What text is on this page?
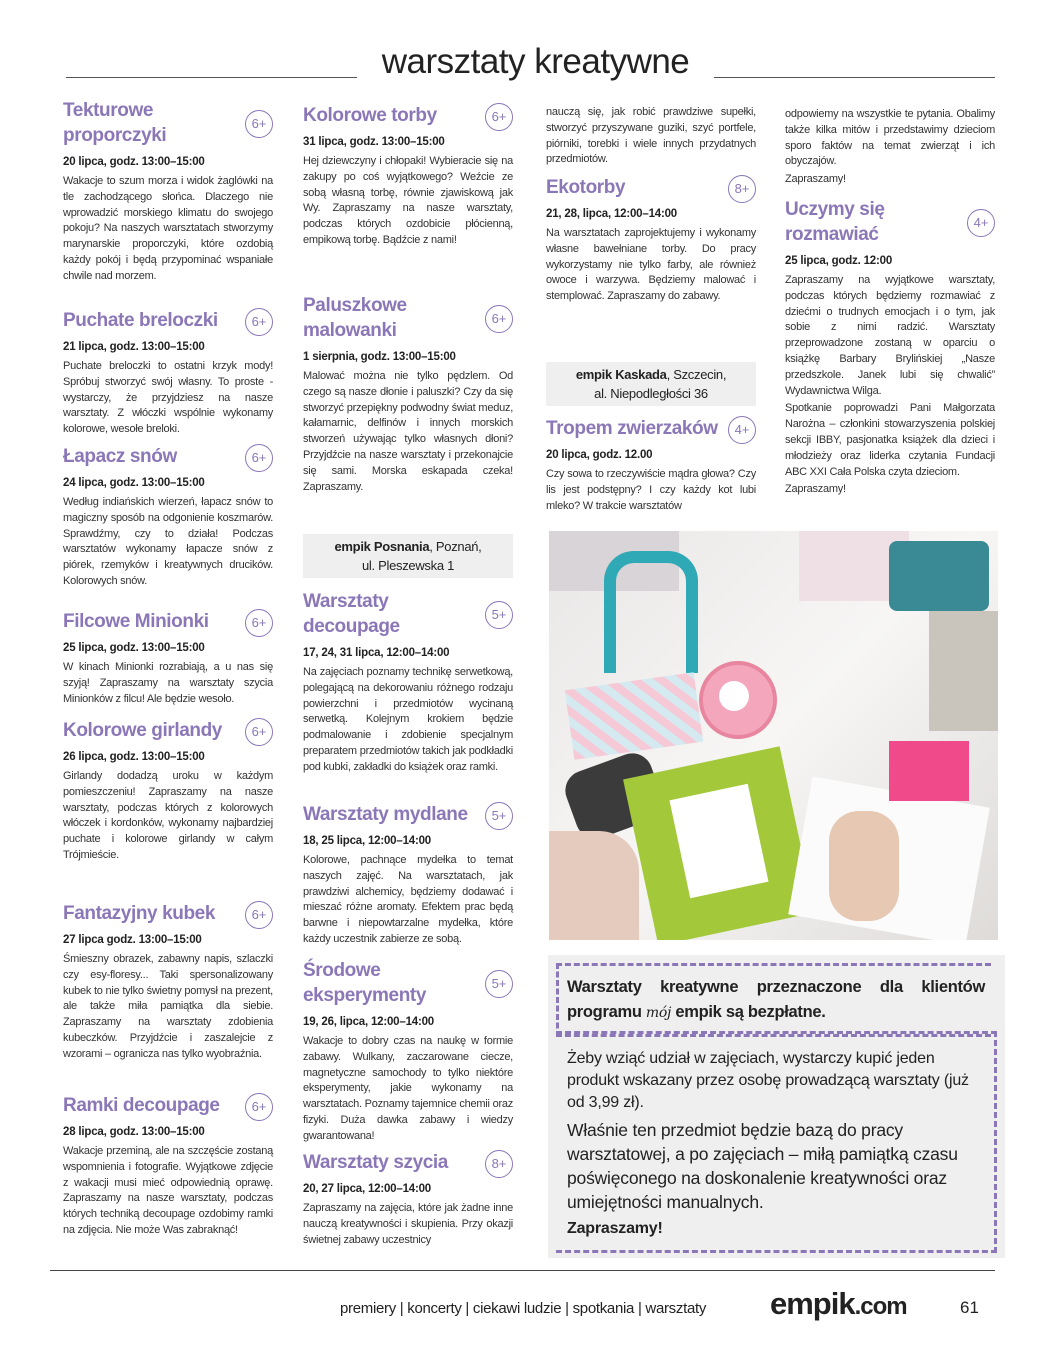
warsztaty kreatywne
6+
Tekturowe proporczyki
20 lipca, godz. 13:00–15:00

Wakacje to szum morza i widok żaglówki na tle zachodzącego słońca. Dlaczego nie wprowadzić morskiego klimatu do swojego pokoju? Na naszych warsztatach stworzymy marynarskie proporczyki, które ozdobią każdy pokój i będą przypominać wspaniałe chwile nad morzem.

6+
Puchate breloczki
21 lipca, godz. 13:00–15:00

Puchate breloczki to ostatni krzyk mody! Spróbuj stworzyć swój własny. To proste - wystarczy, że przyjdziesz na nasze warsztaty. Z włóczki wspólnie wykonamy kolorowe, wesołe breloki.

6+
Łapacz snów
24 lipca, godz. 13:00–15:00

Według indiańskich wierzeń, łapacz snów to magiczny sposób na odgonienie koszmarów. Sprawdźmy, czy to działa! Podczas warsztatów wykonamy łapacze snów z piórek, rzemyków i kreatywnych drucików. Kolorowych snów.

6+
Filcowe Minionki
25 lipca, godz. 13:00–15:00

W kinach Minionki rozrabiają, a u nas się szyją! Zapraszamy na warsztaty szycia Minionków z filcu! Ale będzie wesoło.

6+
Kolorowe girlandy
26 lipca, godz. 13:00–15:00

Girlandy dodadzą uroku w każdym pomieszczeniu! Zapraszamy na nasze warsztaty, podczas których z kolorowych włóczek i kordonków, wykonamy najbardziej puchate i kolorowe girlandy w całym Trójmieście.

6+
Fantazyjny kubek
27 lipca godz. 13:00–15:00

Śmieszny obrazek, zabawny napis, szlaczki czy esy-floresy... Taki spersonalizowany kubek to nie tylko świetny pomysł na prezent, ale także miła pamiątka dla siebie. Zapraszamy na warsztaty zdobienia kubeczków. Przyjdźcie i zaszalejcie z wzorami – ogranicza nas tylko wyobraźnia.

6+
Ramki decoupage
28 lipca, godz. 13:00–15:00

Wakacje przeminą, ale na szczęście zostaną wspomnienia i fotografie. Wyjątkowe zdjęcie z wakacji musi mieć odpowiednią oprawę. Zapraszamy na nasze warsztaty, podczas których techniką decoupage ozdobimy ramki na zdjęcia. Nie może Was zabraknąć!

6+
Kolorowe torby
31 lipca, godz. 13:00–15:00

Hej dziewczyny i chłopaki! Wybieracie się na zakupy po coś wyjątkowego? Weźcie ze sobą własną torbę, równie zjawiskową jak Wy. Zapraszamy na nasze warsztaty, podczas których ozdobicie płócienną, empikową torbę. Bądźcie z nami!

6+
Paluszkowe malowanki
1 sierpnia, godz. 13:00–15:00

Malować można nie tylko pędzlem. Od czego są nasze dłonie i paluszki? Czy da się stworzyć przepiękny podwodny świat meduz, kałamarnic, delfinów i innych morskich stworzeń używając tylko własnych dłoni? Przyjdźcie na nasze warsztaty i przekonajcie się sami. Morska eskapada czeka! Zapraszamy.

empik Posnania, Poznań,
ul. Pleszewska 1
5+
Warsztaty decoupage
17, 24, 31 lipca, 12:00–14:00

Na zajęciach poznamy technikę serwetkową, polegającą na dekorowaniu różnego rodzaju powierzchni i przedmiotów wycinaną serwetką. Kolejnym krokiem będzie podmalowanie i zdobienie specjalnym preparatem przedmiotów takich jak podkładki pod kubki, zakładki do książek oraz ramki.

5+
Warsztaty mydlane
18, 25 lipca, 12:00–14:00

Kolorowe, pachnące mydełka to temat naszych zajęć. Na warsztatach, jak prawdziwi alchemicy, będziemy dodawać i mieszać różne aromaty. Efektem prac będą barwne i niepowtarzalne mydełka, które każdy uczestnik zabierze ze sobą.

5+
Środowe eksperymenty
19, 26, lipca, 12:00–14:00

Wakacje to dobry czas na naukę w formie zabawy. Wulkany, zaczarowane ciecze, magnetyczne samochody to tylko niektóre eksperymenty, jakie wykonamy na warsztatach. Poznamy tajemnice chemii oraz fizyki. Duża dawka zabawy i wiedzy gwarantowana!

8+
Warsztaty szycia
20, 27 lipca, 12:00–14:00

Zapraszamy na zajęcia, które jak żadne inne nauczą kreatywności i skupienia. Przy okazji świetnej zabawy uczestnicy

nauczą się, jak robić prawdziwe supełki, stworzyć przyszywane guziki, szyć portfele, piórniki, torebki i wiele innych przydatnych przedmiotów.

8+
Ekotorby
21, 28, lipca, 12:00–14:00

Na warsztatach zaprojektujemy i wykonamy własne bawełniane torby. Do pracy wykorzystamy nie tylko farby, ale również owoce i warzywa. Będziemy malować i stemplować. Zapraszamy do zabawy.

empik Kaskada, Szczecin,
al. Niepodległości 36
4+
Tropem zwierzaków
20 lipca, godz. 12.00

Czy sowa to rzeczywiście mądra głowa? Czy lis jest podstępny? I czy każdy kot lubi mleko? W trakcie warsztatów

odpowiemy na wszystkie te pytania. Obalimy także kilka mitów i przedstawimy dzieciom sporo faktów na temat zwierząt i ich obyczajów.

Zapraszamy!

4+
Uczymy się rozmawiać
25 lipca, godz. 12:00

Zapraszamy na wyjątkowe warsztaty, podczas których będziemy rozmawiać z dziećmi o trudnych emocjach i o tym, jak sobie z nimi radzić. Warsztaty przeprowadzone zostaną w oparciu o książkę Barbary Brylińskiej „Nasze przedszkole. Janek lubi się chwalić” Wydawnictwa Wilga.

Spotkanie poprowadzi Pani Małgorzata Narożna – członkini stowarzyszenia polskiej sekcji IBBY, pasjonatka książek dla dzieci i młodzieży oraz liderka czytania Fundacji ABC XXI Cała Polska czyta dzieciom.

Zapraszamy!

Warsztaty kreatywne przeznaczone dla klientów programu mój empik są bezpłatne.

Żeby wziąć udział w zajęciach, wystarczy kupić jeden produkt wskazany przez osobę prowadzącą warsztaty (już od 3,99 zł).

Właśnie ten przedmiot będzie bazą do pracy warsztatowej, a po zajęciach – miłą pamiątką czasu poświęconego na doskonalenie kreatywności oraz umiejętności manualnych.

Zapraszamy!

premiery | koncerty | ciekawi ludzie | spotkania | warsztaty empik.com	61
